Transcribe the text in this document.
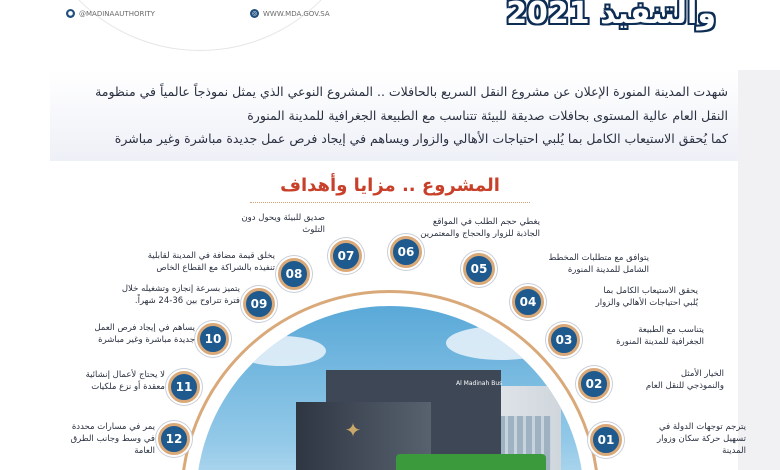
● @MADINAAUTHORITY	◎ WWW.MDA.GOV.SA	والتنفيذ 2021

شهدت المدينة المنورة الإعلان عن مشروع النقل السريع بالحافلات .. المشروع النوعي الذي يمثل نموذجاً عالمياً في منظومة

النقل العام عالية المستوى بحافلات صديقة للبيئة تتناسب مع الطبيعة الجغرافية للمدينة المنورة

كما يُحقق الاستيعاب الكامل بما يُلبي احتياجات الأهالي والزوار ويساهم في إيجاد فرص عمل جديدة مباشرة وغير مباشرة

المشروع .. مزايا وأهداف
✦
Al Madinah Bus
01
يترجم توجهات الدولة في
تسهيل حركة سكان وزوار
المدينة
02
الخيار الأمثل
والنموذجي للنقل العام
03
يتناسب مع الطبيعة
الجغرافية للمدينة المنورة
04
يحقق الاستيعاب الكامل بما
يُلبي احتياجات الأهالي والزوار
05
يتوافق مع متطلبات المخطط
الشامل للمدينة المنورة
06
يغطي حجم الطلب في المواقع
الجاذبة للزوار والحجاج والمعتمرين
07
صديق للبيئة ويحول دون
التلوث
08
يخلق قيمة مضافة في المدينة لقابلية
تنفيذه بالشراكة مع القطاع الخاص
09
يتميز بسرعة إنجازه وتشغيله خلال
فترة تتراوح بين 36-24 شهراً.
10
يساهم في إيجاد فرص العمل
جديدة مباشرة وغير مباشرة
11
لا يحتاج لأعمال إنشائية
معقدة أو نزع ملكيات
12
يمر في مسارات محددة
في وسط وجانب الطرق
العامة
